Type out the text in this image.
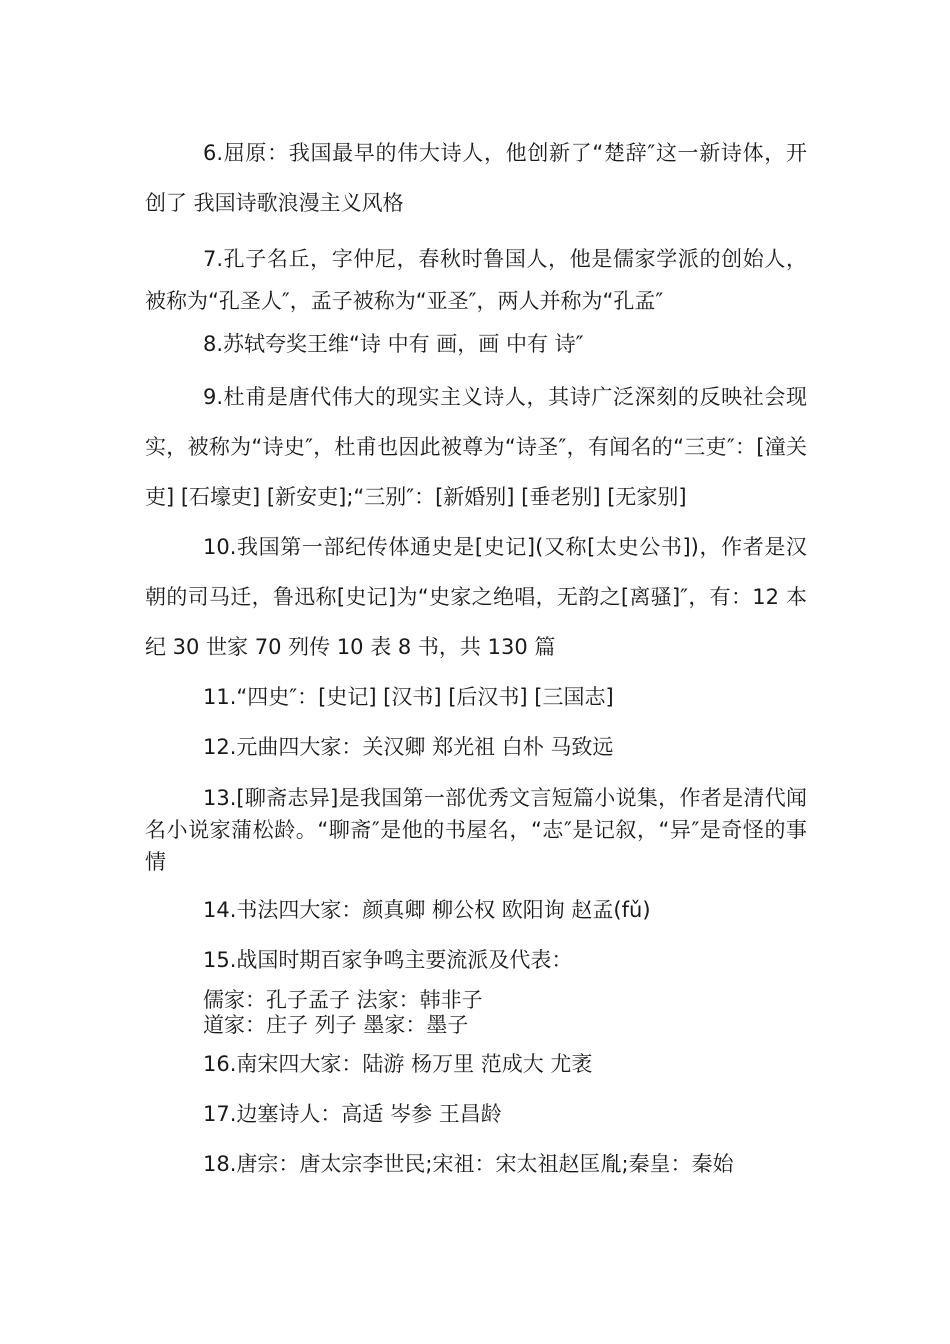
6.屈原：我国最早的伟大诗人，他创新了“楚辞″这一新诗体，开创了 我国诗歌浪漫主义风格

7.孔子名丘，字仲尼，春秋时鲁国人，他是儒家学派的创始人，被称为“孔圣人″，孟子被称为“亚圣″，两人并称为“孔孟″

8.苏轼夸奖王维“诗 中有 画，画 中有 诗″

9.杜甫是唐代伟大的现实主义诗人，其诗广泛深刻的反映社会现实，被称为“诗史″，杜甫也因此被尊为“诗圣″，有闻名的“三吏″：[潼关吏] [石壕吏] [新安吏];“三别″：[新婚别] [垂老别] [无家别]

10.我国第一部纪传体通史是[史记](又称[太史公书])，作者是汉朝的司马迁，鲁迅称[史记]为“史家之绝唱，无韵之[离骚]″，有：12 本纪 30 世家 70 列传 10 表 8 书，共 130 篇

11.“四史″：[史记] [汉书] [后汉书] [三国志]

12.元曲四大家：关汉卿 郑光祖 白朴 马致远

13.[聊斋志异]是我国第一部优秀文言短篇小说集，作者是清代闻名小说家蒲松龄。“聊斋″是他的书屋名，“志″是记叙，“异″是奇怪的事情

14.书法四大家：颜真卿 柳公权 欧阳询 赵孟(fǔ)

15.战国时期百家争鸣主要流派及代表：

儒家：孔子孟子 法家：韩非子

道家：庄子 列子 墨家：墨子

16.南宋四大家：陆游 杨万里 范成大 尤袤

17.边塞诗人：高适 岑参 王昌龄

18.唐宗：唐太宗李世民;宋祖：宋太祖赵匡胤;秦皇：秦始
